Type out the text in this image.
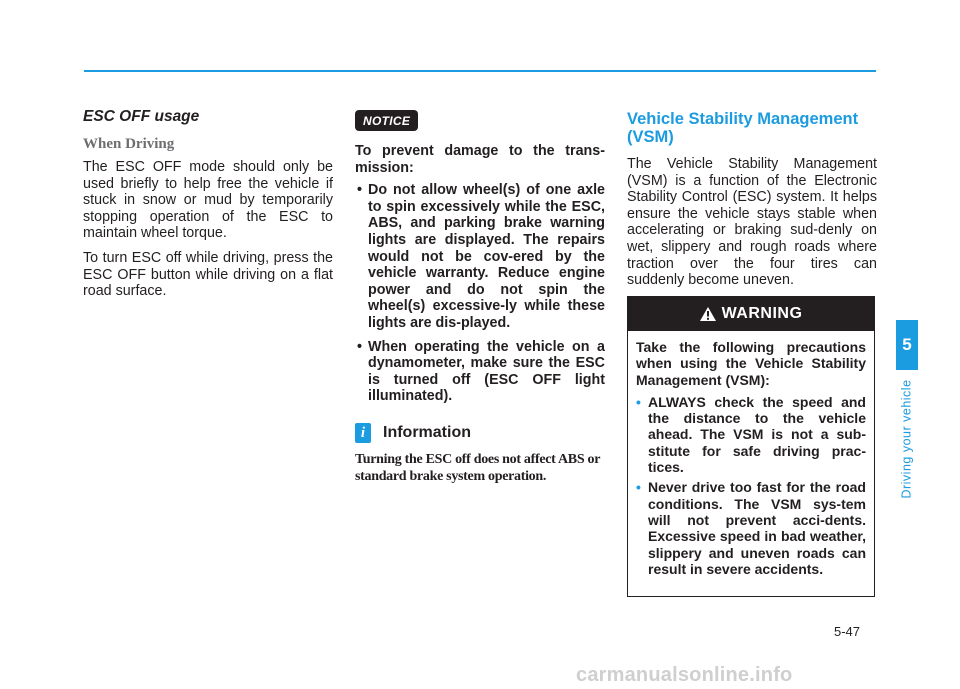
ESC OFF usage
When Driving

The ESC OFF mode should only be used briefly to help free the vehicle if stuck in snow or mud by temporarily stopping operation of the ESC to maintain wheel torque.

To turn ESC off while driving, press the ESC OFF button while driving on a flat road surface.

NOTICE

To prevent damage to the trans-mission:

• Do not allow wheel(s) of one axle to spin excessively while the ESC, ABS, and parking brake warning lights are displayed. The repairs would not be cov-ered by the vehicle warranty. Reduce engine power and do not spin the wheel(s) excessive-ly while these lights are dis-played.
• When operating the vehicle on a dynamometer, make sure the ESC is turned off (ESC OFF light illuminated).
i	Information
Turning the ESC off does not affect ABS or standard brake system operation.
Vehicle Stability Management (VSM)

The Vehicle Stability Management (VSM) is a function of the Electronic Stability Control (ESC) system. It helps ensure the vehicle stays stable when accelerating or braking sud-denly on wet, slippery and rough roads where traction over the four tires can suddenly become uneven.

WARNING

Take the following precautions when using the Vehicle Stability Management (VSM):

• ALWAYS check the speed and the distance to the vehicle ahead. The VSM is not a sub-stitute for safe driving prac-tices.
• Never drive too fast for the road conditions. The VSM sys-tem will not prevent acci-dents. Excessive speed in bad weather, slippery and uneven roads can result in severe accidents.
5
Driving your vehicle
5-47
carmanualsonline.info
